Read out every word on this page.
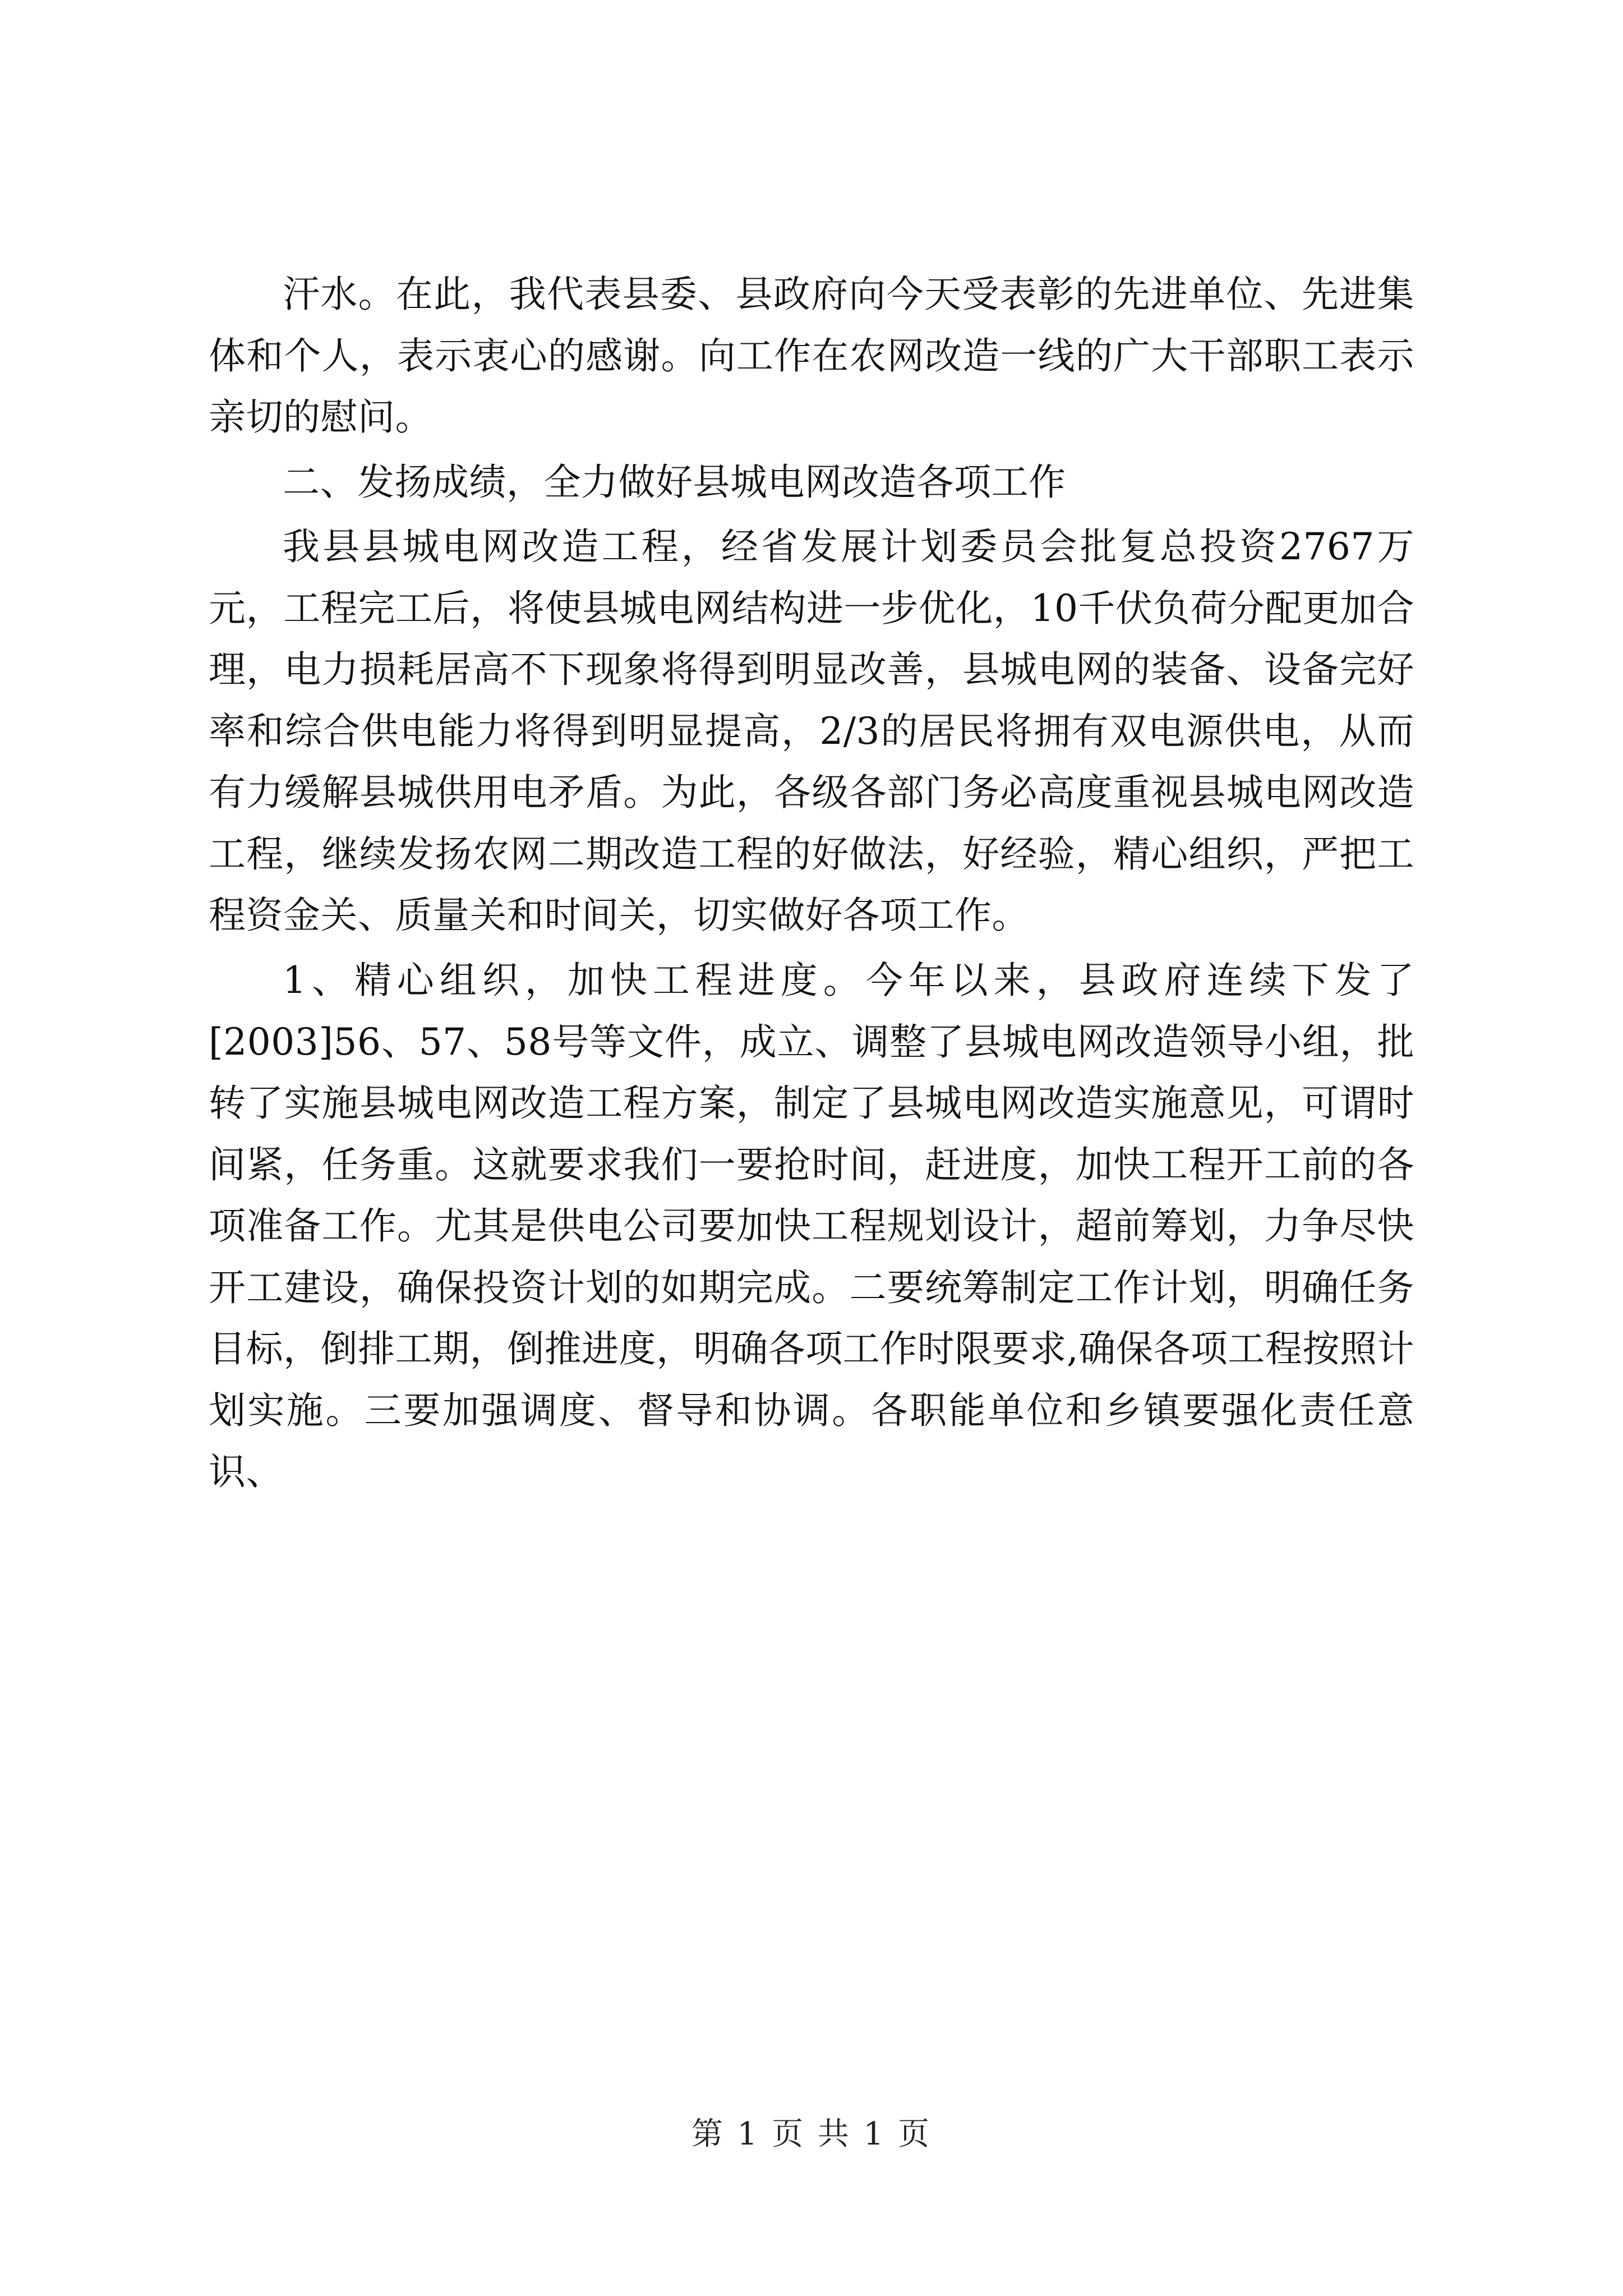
汗水。在此，我代表县委、县政府向今天受表彰的先进单位、先进集体和个人，表示衷心的感谢。向工作在农网改造一线的广大干部职工表示亲切的慰问。

二、发扬成绩，全力做好县城电网改造各项工作

我县县城电网改造工程，经省发展计划委员会批复总投资2767万元，工程完工后，将使县城电网结构进一步优化，10千伏负荷分配更加合理，电力损耗居高不下现象将得到明显改善，县城电网的装备、设备完好率和综合供电能力将得到明显提高，2/3的居民将拥有双电源供电，从而有力缓解县城供用电矛盾。为此，各级各部门务必高度重视县城电网改造工程，继续发扬农网二期改造工程的好做法，好经验，精心组织，严把工程资金关、质量关和时间关，切实做好各项工作。

1、精心组织，加快工程进度。今年以来，县政府连续下发了[2003]56、57、58号等文件，成立、调整了县城电网改造领导小组，批转了实施县城电网改造工程方案，制定了县城电网改造实施意见，可谓时间紧，任务重。这就要求我们一要抢时间，赶进度，加快工程开工前的各项准备工作。尤其是供电公司要加快工程规划设计，超前筹划，力争尽快开工建设，确保投资计划的如期完成。二要统筹制定工作计划，明确任务目标，倒排工期，倒推进度，明确各项工作时限要求,确保各项工程按照计划实施。三要加强调度、督导和协调。各职能单位和乡镇要强化责任意识、

第 1 页 共 1 页
